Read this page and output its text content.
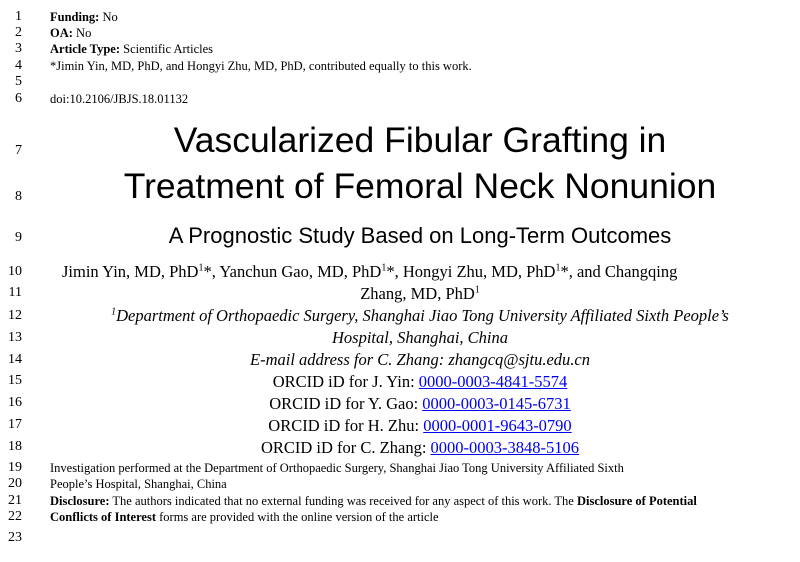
1
2
3
4
5
6
7
8
9
10
11
12
13
14
15
16
17
18
19
20
21
22
23
Funding: No
OA: No
Article Type: Scientific Articles
*Jimin Yin, MD, PhD, and Hongyi Zhu, MD, PhD, contributed equally to this work.
doi:10.2106/JBJS.18.01132
Vascularized Fibular Grafting in
Treatment of Femoral Neck Nonunion
A Prognostic Study Based on Long-Term Outcomes
Jimin Yin, MD, PhD$^1$*, Yanchun Gao, MD, PhD$^1$*, Hongyi Zhu, MD, PhD$^1$*, and Changqing
Zhang, MD, PhD$^1$
$^1$Department of Orthopaedic Surgery, Shanghai Jiao Tong University Affiliated Sixth People’s
Hospital, Shanghai, China
E-mail address for C. Zhang: zhangcq@sjtu.edu.cn
ORCID iD for J. Yin: 0000-0003-4841-5574
ORCID iD for Y. Gao: 0000-0003-0145-6731
ORCID iD for H. Zhu: 0000-0001-9643-0790
ORCID iD for C. Zhang: 0000-0003-3848-5106
Investigation performed at the Department of Orthopaedic Surgery, Shanghai Jiao Tong University Affiliated Sixth
People’s Hospital, Shanghai, China
Disclosure: The authors indicated that no external funding was received for any aspect of this work. The Disclosure of Potential
Conflicts of Interest forms are provided with the online version of the article
